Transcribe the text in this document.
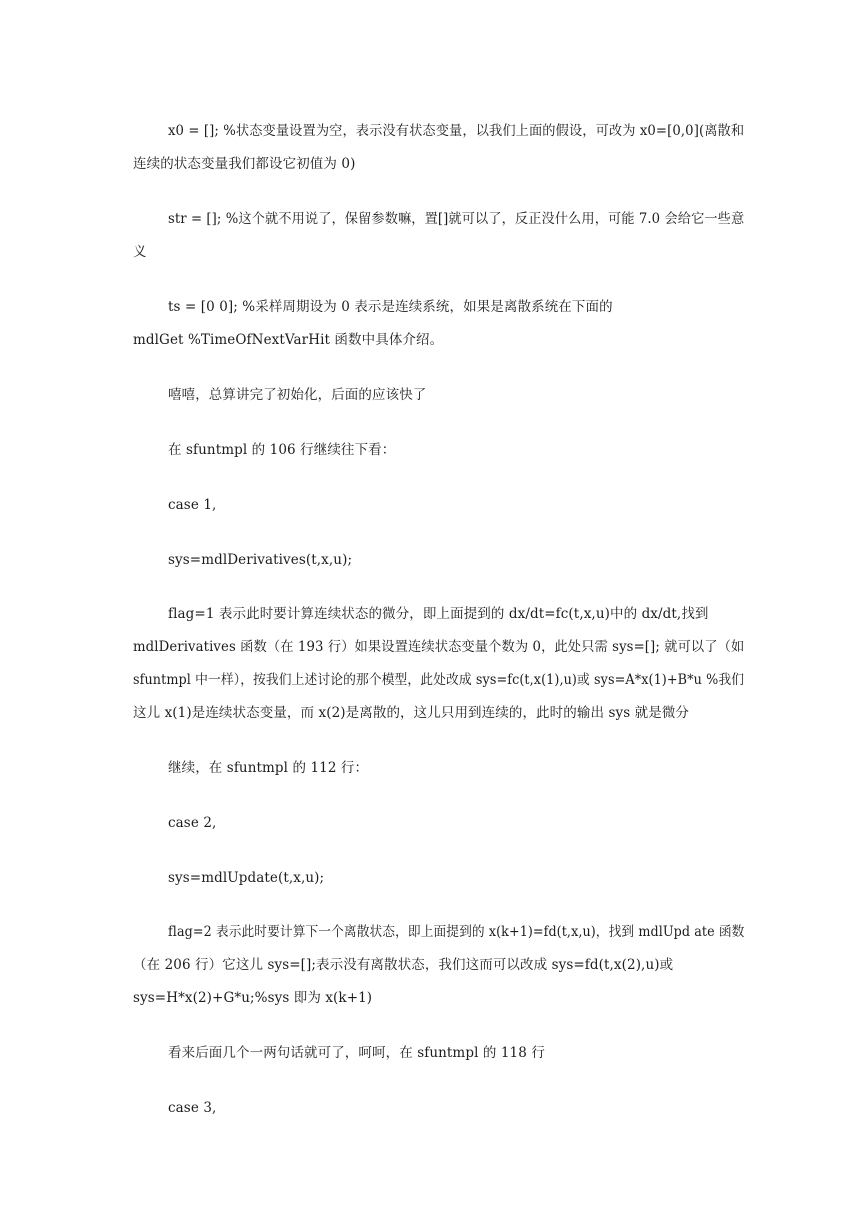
x0 = []; %状态变量设置为空，表示没有状态变量，以我们上面的假设，可改为 x0=[0,0](离散和
连续的状态变量我们都设它初值为 0)
str = []; %这个就不用说了，保留参数嘛，置[]就可以了，反正没什么用，可能 7.0 会给它一些意
义
ts = [0 0]; %采样周期设为 0 表示是连续系统，如果是离散系统在下面的
mdlGet %TimeOfNextVarHit 函数中具体介绍。
嘻嘻，总算讲完了初始化，后面的应该快了
在 sfuntmpl 的 106 行继续往下看：
case 1,
sys=mdlDerivatives(t,x,u);
flag=1 表示此时要计算连续状态的微分，即上面提到的 dx/dt=fc(t,x,u)中的 dx/dt,找到
mdlDerivatives 函数（在 193 行）如果设置连续状态变量个数为 0，此处只需 sys=[]; 就可以了（如
sfuntmpl 中一样），按我们上述讨论的那个模型，此处改成 sys=fc(t,x(1),u)或 sys=A*x(1)+B*u %我们
这儿 x(1)是连续状态变量，而 x(2)是离散的，这儿只用到连续的，此时的输出 sys 就是微分
继续，在 sfuntmpl 的 112 行：
case 2,
sys=mdlUpdate(t,x,u);
flag=2 表示此时要计算下一个离散状态，即上面提到的 x(k+1)=fd(t,x,u)，找到 mdlUpd ate 函数
（在 206 行）它这儿 sys=[];表示没有离散状态，我们这而可以改成 sys=fd(t,x(2),u)或
sys=H*x(2)+G*u;%sys 即为 x(k+1)
看来后面几个一两句话就可了，呵呵，在 sfuntmpl 的 118 行
case 3,
